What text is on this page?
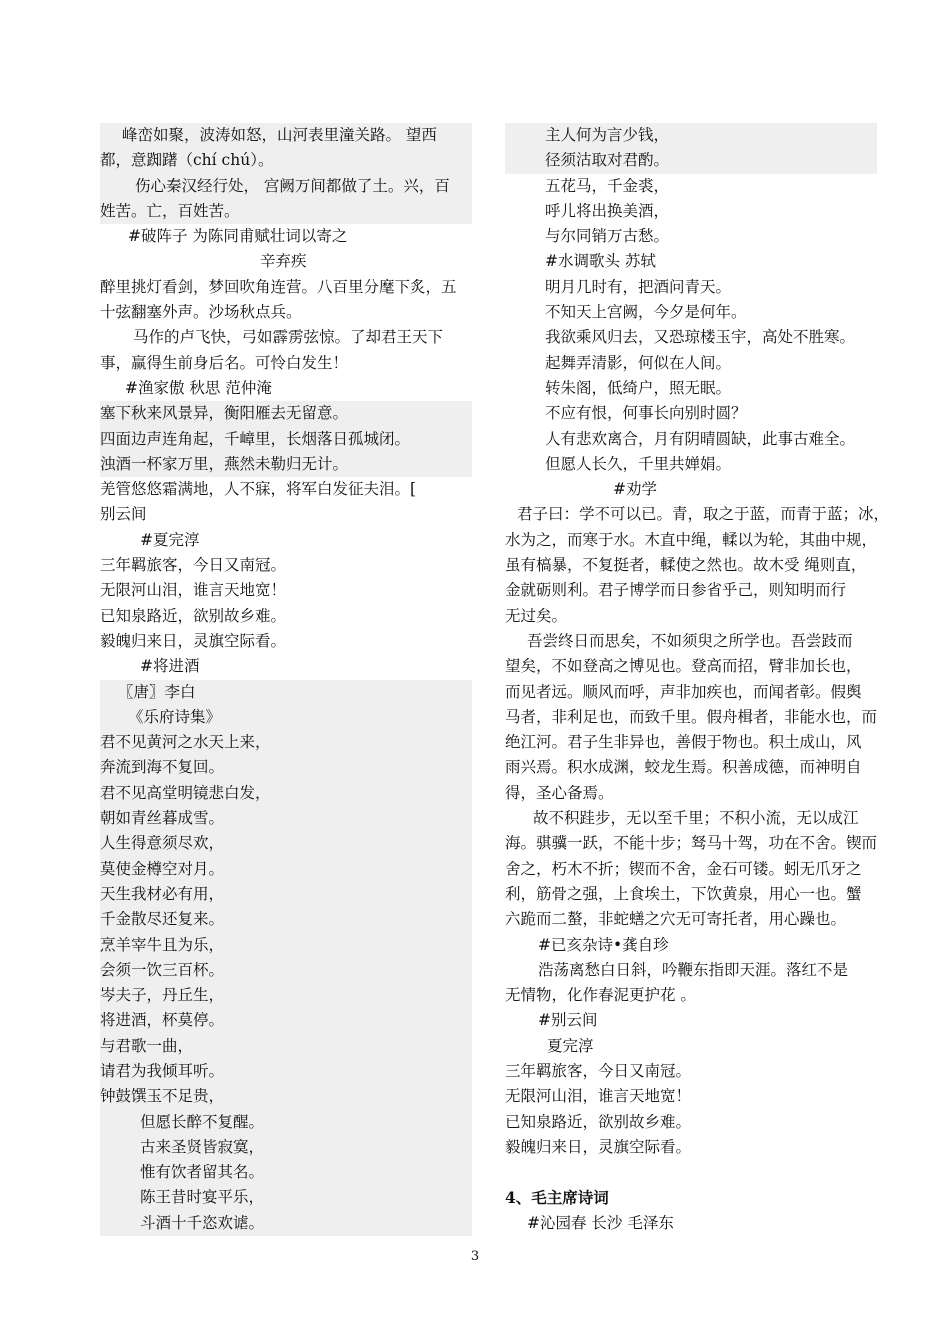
峰峦如聚，波涛如怒，山河表里潼关路。 望西
都，意踟躇（chí chú）。
伤心秦汉经行处， 宫阙万间都做了土。兴，百
姓苦。亡，百姓苦。
#破阵子 为陈同甫赋壮词以寄之
辛弃疾
醉里挑灯看剑，梦回吹角连营。八百里分麾下炙，五
十弦翻塞外声。沙场秋点兵。
马作的卢飞快，弓如霹雳弦惊。了却君王天下
事，赢得生前身后名。可怜白发生！
#渔家傲 秋思 范仲淹
塞下秋来风景异，衡阳雁去无留意。
四面边声连角起，千嶂里，长烟落日孤城闭。
浊酒一杯家万里，燕然未勒归无计。
羌管悠悠霜满地，人不寐，将军白发征夫泪。[
别云间
#夏完淳
三年羁旅客，今日又南冠。
无限河山泪，谁言天地宽！
已知泉路近，欲别故乡难。
毅魄归来日，灵旗空际看。
#将进酒
〖唐〗李白
《乐府诗集》
君不见黄河之水天上来，
奔流到海不复回。
君不见高堂明镜悲白发，
朝如青丝暮成雪。
人生得意须尽欢，
莫使金樽空对月。
天生我材必有用，
千金散尽还复来。
烹羊宰牛且为乐，
会须一饮三百杯。
岑夫子，丹丘生，
将进酒，杯莫停。
与君歌一曲，
请君为我倾耳听。
钟鼓馔玉不足贵，
但愿长醉不复醒。
古来圣贤皆寂寞，
惟有饮者留其名。
陈王昔时宴平乐，
斗酒十千恣欢谑。
主人何为言少钱，
径须沽取对君酌。
五花马，千金裘，
呼儿将出换美酒，
与尔同销万古愁。
#水调歌头 苏轼
明月几时有，把酒问青天。
不知天上宫阙，今夕是何年。
我欲乘风归去，又恐琼楼玉宇，高处不胜寒。
起舞弄清影，何似在人间。
转朱阁，低绮户，照无眠。
不应有恨，何事长向别时圆？
人有悲欢离合，月有阴晴圆缺，此事古难全。
但愿人长久，千里共婵娟。
#劝学
君子曰：学不可以已。青，取之于蓝，而青于蓝；冰，
水为之，而寒于水。木直中绳，輮以为轮，其曲中规，
虽有槁暴，不复挺者，輮使之然也。故木受 绳则直，
金就砺则利。君子博学而日参省乎己，则知明而行
无过矣。
吾尝终日而思矣，不如须臾之所学也。吾尝跂而
望矣，不如登高之博见也。登高而招，臂非加长也，
而见者远。顺风而呼，声非加疾也，而闻者彰。假舆
马者，非利足也，而致千里。假舟楫者，非能水也，而
绝江河。君子生非异也，善假于物也。积土成山，风
雨兴焉。积水成渊，蛟龙生焉。积善成德，而神明自
得，圣心备焉。
故不积跬步，无以至千里；不积小流，无以成江
海。骐骥一跃，不能十步；驽马十驾，功在不舍。锲而
舍之，朽木不折；锲而不舍，金石可镂。蚓无爪牙之
利，筋骨之强，上食埃土，下饮黄泉，用心一也。蟹
六跪而二螯，非蛇蟮之穴无可寄托者，用心躁也。
#已亥杂诗•龚自珍
浩荡离愁白日斜，吟鞭东指即天涯。落红不是
无情物，化作春泥更护花 。
#别云间
夏完淳
三年羁旅客，今日又南冠。
无限河山泪，谁言天地宽！
已知泉路近，欲别故乡难。
毅魄归来日，灵旗空际看。
4、毛主席诗词
#沁园春 长沙 毛泽东
3
